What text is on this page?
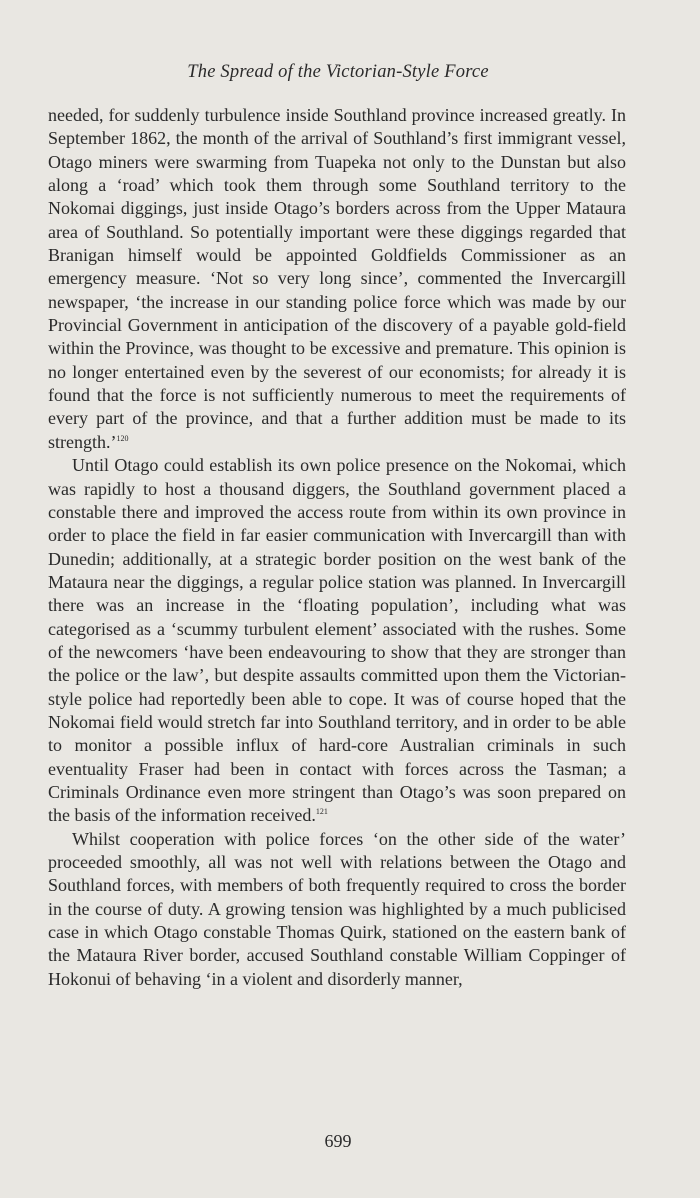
The Spread of the Victorian-Style Force

needed, for suddenly turbulence inside Southland province increased greatly. In September 1862, the month of the arrival of Southland’s first immigrant vessel, Otago miners were swarming from Tuapeka not only to the Dunstan but also along a ‘road’ which took them through some Southland territory to the Nokomai diggings, just inside Otago’s borders across from the Upper Mataura area of Southland. So potentially important were these diggings regarded that Branigan himself would be appointed Goldfields Commissioner as an emergency measure. ‘Not so very long since’, commented the Invercargill newspaper, ‘the increase in our standing police force which was made by our Provincial Government in anticipation of the discovery of a payable gold-field within the Province, was thought to be excessive and premature. This opinion is no longer entertained even by the severest of our economists; for already it is found that the force is not sufficiently numerous to meet the requirements of every part of the province, and that a further addition must be made to its strength.’$^{120}$

Until Otago could establish its own police presence on the Nokomai, which was rapidly to host a thousand diggers, the Southland government placed a constable there and improved the access route from within its own province in order to place the field in far easier communication with Invercargill than with Dunedin; additionally, at a strategic border position on the west bank of the Mataura near the diggings, a regular police station was planned. In Invercargill there was an increase in the ‘floating population’, including what was categorised as a ‘scummy turbulent element’ associated with the rushes. Some of the newcomers ‘have been endeavouring to show that they are stronger than the police or the law’, but despite assaults committed upon them the Victorian-style police had reportedly been able to cope. It was of course hoped that the Nokomai field would stretch far into Southland territory, and in order to be able to monitor a possible influx of hard-core Australian criminals in such eventuality Fraser had been in contact with forces across the Tasman; a Criminals Ordinance even more stringent than Otago’s was soon prepared on the basis of the information received.$^{121}$

Whilst cooperation with police forces ‘on the other side of the water’ proceeded smoothly, all was not well with relations between the Otago and Southland forces, with members of both frequently required to cross the border in the course of duty. A growing tension was highlighted by a much publicised case in which Otago constable Thomas Quirk, stationed on the eastern bank of the Mataura River border, accused Southland constable William Coppinger of Hokonui of behaving ‘in a violent and disorderly manner,

699
